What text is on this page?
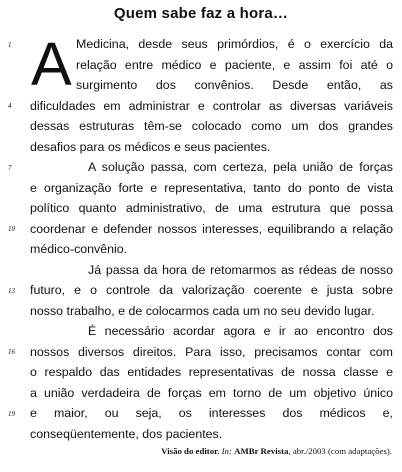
Quem sabe faz a hora…
A Medicina, desde seus primórdios, é o exercício da
relação entre médico e paciente, e assim foi até o
surgimento dos convênios. Desde então, as
dificuldades em administrar e controlar as diversas variáveis
dessas estruturas têm-se colocado como um dos grandes
desafios para os médicos e seus pacientes.
A solução passa, com certeza, pela união de forças
e organização forte e representativa, tanto do ponto de vista
político quanto administrativo, de uma estrutura que possa
coordenar e defender nossos interesses, equilibrando a relação
médico-convênio.
Já passa da hora de retomarmos as rédeas de nosso
futuro, e o controle da valorização coerente e justa sobre
nosso trabalho, e de colocarmos cada um no seu devido lugar.
É necessário acordar agora e ir ao encontro dos
nossos diversos direitos. Para isso, precisamos contar com
o respaldo das entidades representativas de nossa classe e
a união verdadeira de forças em torno de um objetivo único
e maior, ou seja, os interesses dos médicos e,
conseqüentemente, dos pacientes.
1
4
7
10
13
16
19
Visão do editor. In: AMBr Revista, abr./2003 (com adaptações).
